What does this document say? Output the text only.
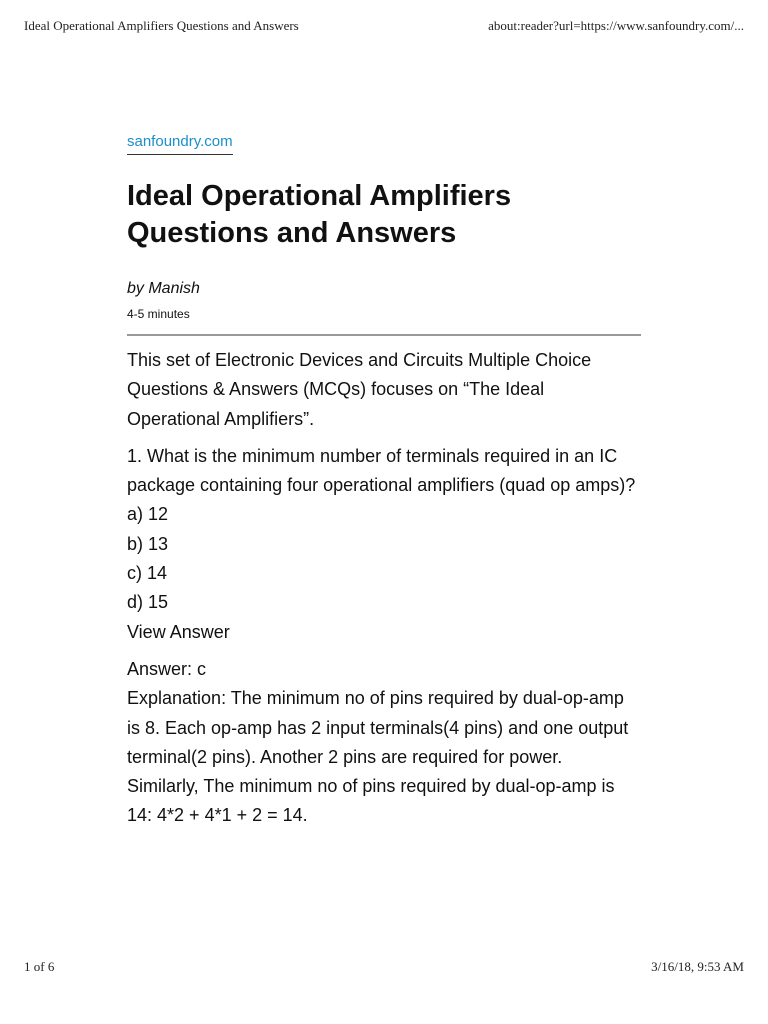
Ideal Operational Amplifiers Questions and Answers	about:reader?url=https://www.sanfoundry.com/...
sanfoundry.com
Ideal Operational Amplifiers Questions and Answers
by Manish
4-5 minutes

This set of Electronic Devices and Circuits Multiple Choice Questions & Answers (MCQs) focuses on “The Ideal Operational Amplifiers”.

1. What is the minimum number of terminals required in an IC package containing four operational amplifiers (quad op amps)?
a) 12
b) 13
c) 14
d) 15
View Answer

Answer: c
Explanation: The minimum no of pins required by dual-op-amp is 8. Each op-amp has 2 input terminals(4 pins) and one output terminal(2 pins). Another 2 pins are required for power.
Similarly, The minimum no of pins required by dual-op-amp is 14: 4*2 + 4*1 + 2 = 14.

1 of 6	3/16/18, 9:53 AM
